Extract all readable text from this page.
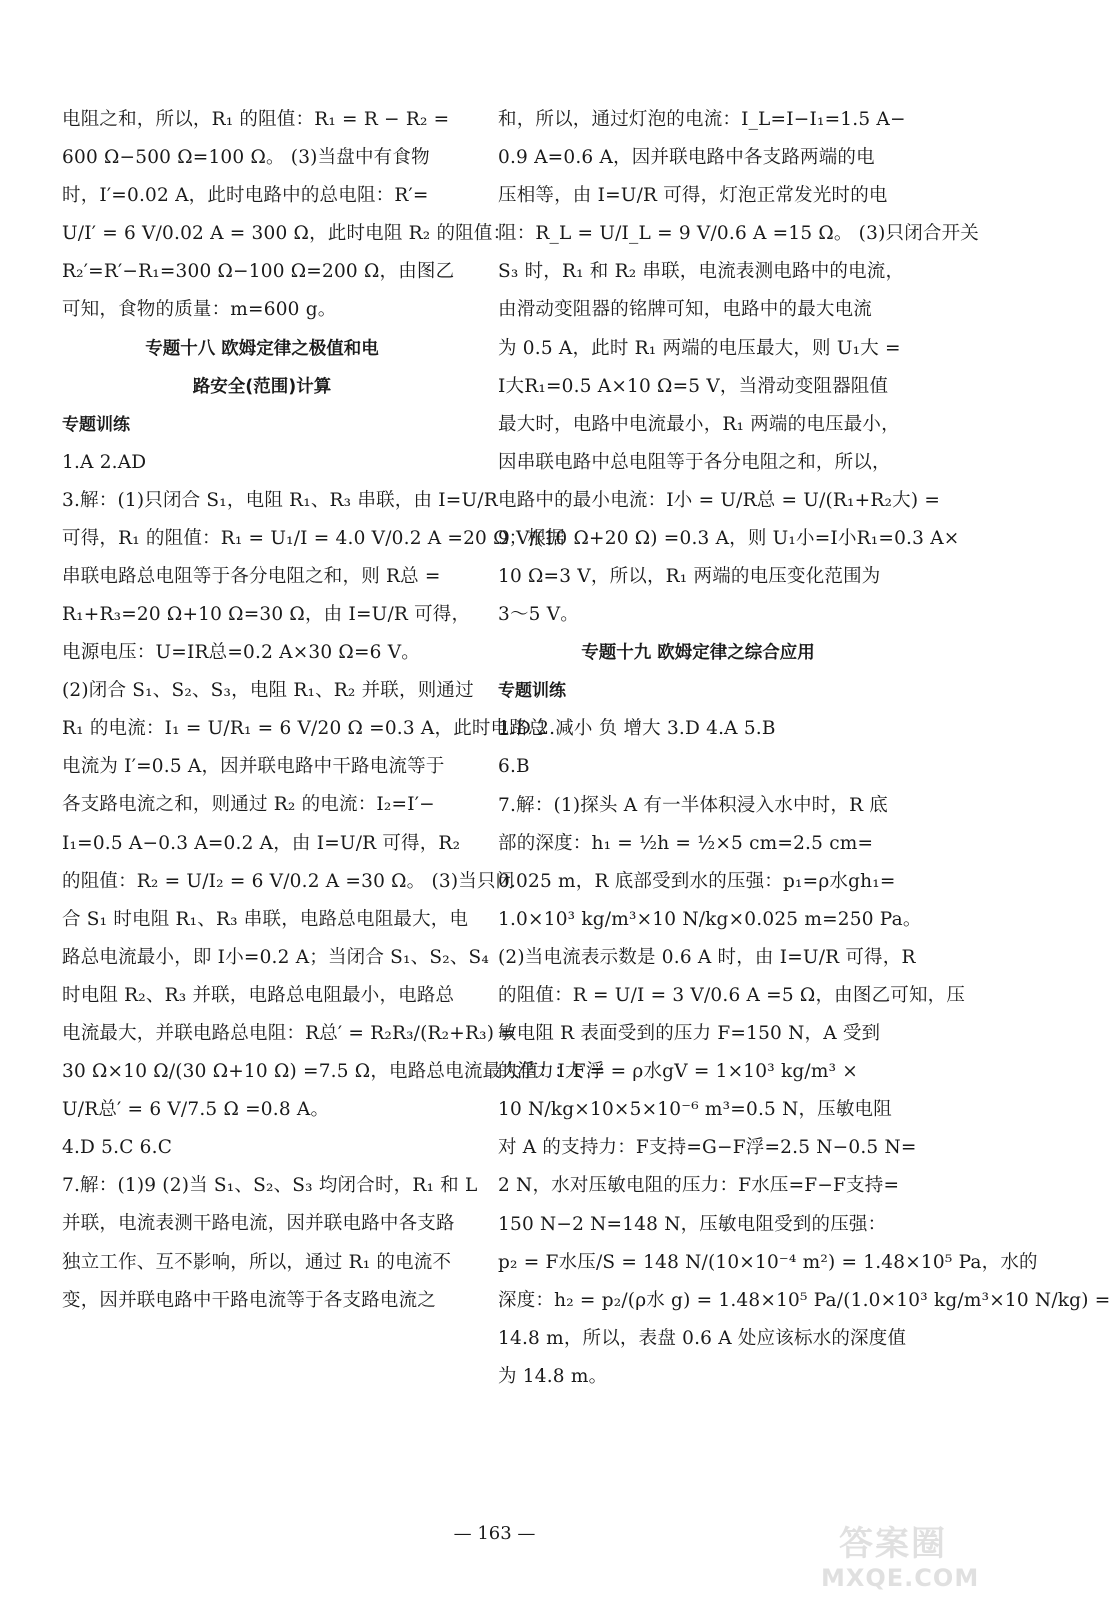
电阻之和，所以，R₁ 的阻值：R₁ = R − R₂ =
600 Ω−500 Ω=100 Ω。 (3)当盘中有食物
时，I′=0.02 A，此时电路中的总电阻：R′=
U/I′ = 6 V/0.02 A = 300 Ω，此时电阻 R₂ 的阻值：
R₂′=R′−R₁=300 Ω−100 Ω=200 Ω，由图乙
可知，食物的质量：m=600 g。
专题十八 欧姆定律之极值和电
路安全(范围)计算
专题训练
1.A 2.AD
3.解：(1)只闭合 S₁，电阻 R₁、R₃ 串联，由 I=U/R
可得，R₁ 的阻值：R₁ = U₁/I = 4.0 V/0.2 A =20 Ω；根据
串联电路总电阻等于各分电阻之和，则 R总 =
R₁+R₃=20 Ω+10 Ω=30 Ω，由 I=U/R 可得，
电源电压：U=IR总=0.2 A×30 Ω=6 V。
(2)闭合 S₁、S₂、S₃，电阻 R₁、R₂ 并联，则通过
R₁ 的电流：I₁ = U/R₁ = 6 V/20 Ω =0.3 A，此时电路总
电流为 I′=0.5 A，因并联电路中干路电流等于
各支路电流之和，则通过 R₂ 的电流：I₂=I′−
I₁=0.5 A−0.3 A=0.2 A，由 I=U/R 可得，R₂
的阻值：R₂ = U/I₂ = 6 V/0.2 A =30 Ω。 (3)当只闭
合 S₁ 时电阻 R₁、R₃ 串联，电路总电阻最大，电
路总电流最小，即 I小=0.2 A；当闭合 S₁、S₂、S₄
时电阻 R₂、R₃ 并联，电路总电阻最小，电路总
电流最大，并联电路总电阻：R总′ = R₂R₃/(R₂+R₃) =
30 Ω×10 Ω/(30 Ω+10 Ω) =7.5 Ω，电路总电流最大值：I大 =
U/R总′ = 6 V/7.5 Ω =0.8 A。
4.D 5.C 6.C
7.解：(1)9 (2)当 S₁、S₂、S₃ 均闭合时，R₁ 和 L
并联，电流表测干路电流，因并联电路中各支路
独立工作、互不影响，所以，通过 R₁ 的电流不
变，因并联电路中干路电流等于各支路电流之
和，所以，通过灯泡的电流：I_L=I−I₁=1.5 A−
0.9 A=0.6 A，因并联电路中各支路两端的电
压相等，由 I=U/R 可得，灯泡正常发光时的电
阻：R_L = U/I_L = 9 V/0.6 A =15 Ω。 (3)只闭合开关
S₃ 时，R₁ 和 R₂ 串联，电流表测电路中的电流，
由滑动变阻器的铭牌可知，电路中的最大电流
为 0.5 A，此时 R₁ 两端的电压最大，则 U₁大 =
I大R₁=0.5 A×10 Ω=5 V，当滑动变阻器阻值
最大时，电路中电流最小，R₁ 两端的电压最小，
因串联电路中总电阻等于各分电阻之和，所以，
电路中的最小电流：I小 = U/R总 = U/(R₁+R₂大) =
9 V/(10 Ω+20 Ω) =0.3 A，则 U₁小=I小R₁=0.3 A×
10 Ω=3 V，所以，R₁ 两端的电压变化范围为
3～5 V。
专题十九 欧姆定律之综合应用
专题训练
1.D 2.减小 负 增大 3.D 4.A 5.B
6.B
7.解：(1)探头 A 有一半体积浸入水中时，R 底
部的深度：h₁ = ½h = ½×5 cm=2.5 cm=
0.025 m，R 底部受到水的压强：p₁=ρ水gh₁=
1.0×10³ kg/m³×10 N/kg×0.025 m=250 Pa。
(2)当电流表示数是 0.6 A 时，由 I=U/R 可得，R
的阻值：R = U/I = 3 V/0.6 A =5 Ω，由图乙可知，压
敏电阻 R 表面受到的压力 F=150 N，A 受到
的浮力：F浮 = ρ水gV = 1×10³ kg/m³ ×
10 N/kg×10×5×10⁻⁶ m³=0.5 N，压敏电阻
对 A 的支持力：F支持=G−F浮=2.5 N−0.5 N=
2 N，水对压敏电阻的压力：F水压=F−F支持=
150 N−2 N=148 N，压敏电阻受到的压强：
p₂ = F水压/S = 148 N/(10×10⁻⁴ m²) = 1.48×10⁵ Pa，水的
深度：h₂ = p₂/(ρ水 g) = 1.48×10⁵ Pa/(1.0×10³ kg/m³×10 N/kg) =
14.8 m，所以，表盘 0.6 A 处应该标水的深度值
为 14.8 m。
— 163 —	答案圈
MXQE.COM
